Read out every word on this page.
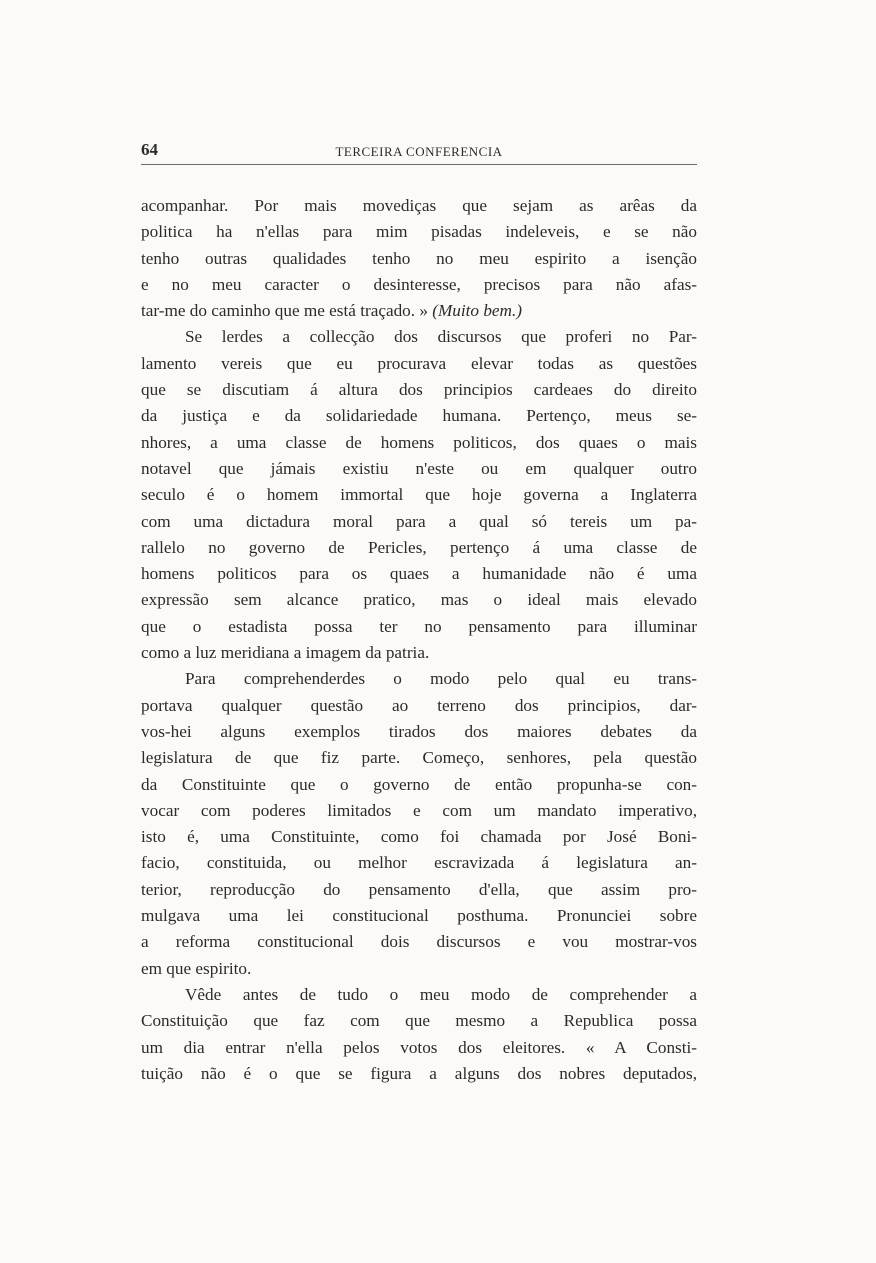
64	TERCEIRA CONFERENCIA
acompanhar. Por mais movediças que sejam as arêas da
politica ha n'ellas para mim pisadas indeleveis, e se não
tenho outras qualidades tenho no meu espirito a isenção
e no meu caracter o desinteresse, precisos para não afas-
tar-me do caminho que me está traçado. » (Muito bem.)
Se lerdes a collecção dos discursos que proferi no Par-
lamento vereis que eu procurava elevar todas as questões
que se discutiam á altura dos principios cardeaes do direito
da justiça e da solidariedade humana. Pertenço, meus se-
nhores, a uma classe de homens politicos, dos quaes o mais
notavel que jámais existiu n'este ou em qualquer outro
seculo é o homem immortal que hoje governa a Inglaterra
com uma dictadura moral para a qual só tereis um pa-
rallelo no governo de Pericles, pertenço á uma classe de
homens politicos para os quaes a humanidade não é uma
expressão sem alcance pratico, mas o ideal mais elevado
que o estadista possa ter no pensamento para illuminar
como a luz meridiana a imagem da patria.
Para comprehenderdes o modo pelo qual eu trans-
portava qualquer questão ao terreno dos principios, dar-
vos-hei alguns exemplos tirados dos maiores debates da
legislatura de que fiz parte. Começo, senhores, pela questão
da Constituinte que o governo de então propunha-se con-
vocar com poderes limitados e com um mandato imperativo,
isto é, uma Constituinte, como foi chamada por José Boni-
facio, constituida, ou melhor escravizada á legislatura an-
terior, reproducção do pensamento d'ella, que assim pro-
mulgava uma lei constitucional posthuma. Pronunciei sobre
a reforma constitucional dois discursos e vou mostrar-vos
em que espirito.
Vêde antes de tudo o meu modo de comprehender a
Constituição que faz com que mesmo a Republica possa
um dia entrar n'ella pelos votos dos eleitores. « A Consti-
tuição não é o que se figura a alguns dos nobres deputados,
